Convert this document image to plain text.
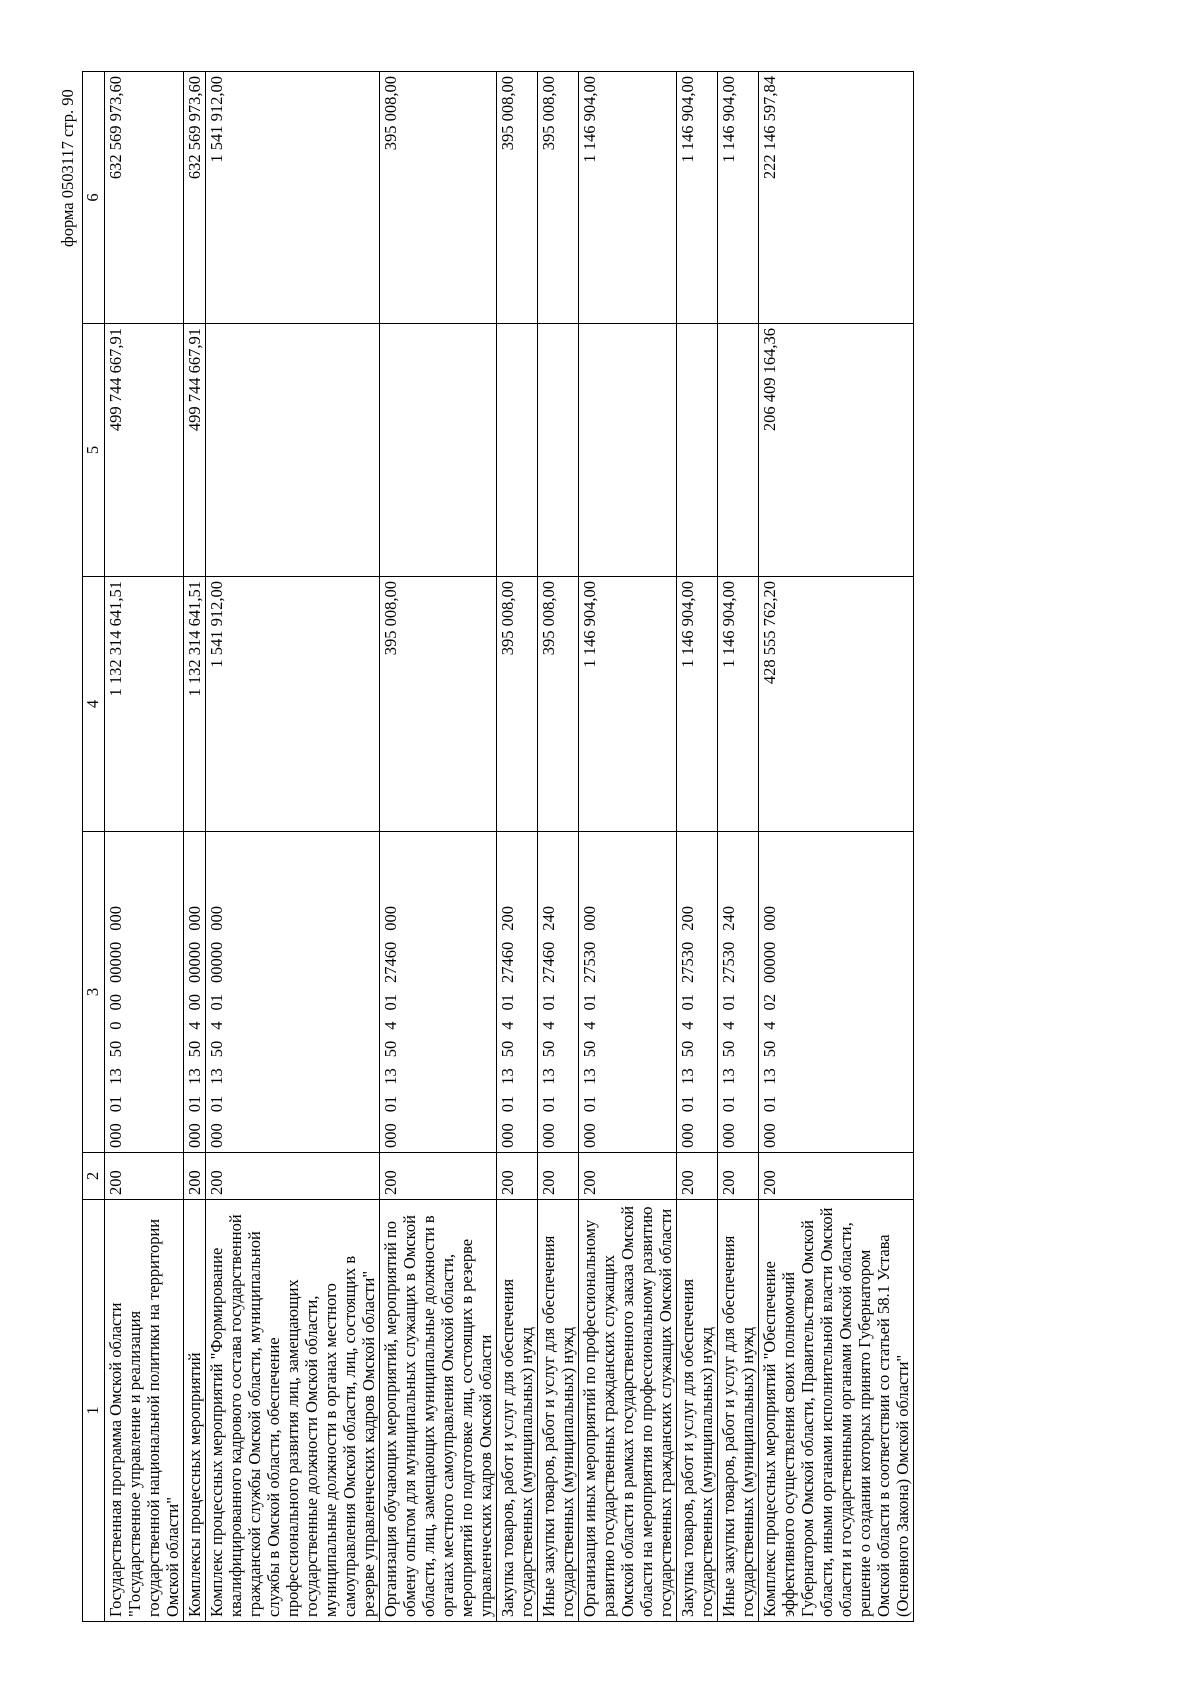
форма 0503117 стр. 90
1	2	3	4	5	6
Государственная программа Омской области "Государственное управление и реализация государственной национальной политики на территории Омской области"	200	00001135000000000000	1 132 314 641,51	499 744 667,91	632 569 973,60
Комплексы процессных мероприятий	200	00001135040000000000	1 132 314 641,51	499 744 667,91	632 569 973,60
Комплекс процессных мероприятий "Формирование квалифицированного кадрового состава государственной гражданской службы Омской области, муниципальной службы в Омской области, обеспечение профессионального развития лиц, замещающих государственные должности Омской области, муниципальные должности в органах местного самоуправления Омской области, лиц, состоящих в резерве управленческих кадров Омской области"	200	00001135040100000000	1 541 912,00		1 541 912,00
Организация обучающих мероприятий, мероприятий по обмену опытом для муниципальных служащих в Омской области, лиц, замещающих муниципальные должности в органах местного самоуправления Омской области, мероприятий по подготовке лиц, состоящих в резерве управленческих кадров Омской области	200	00001135040127460000	395 008,00		395 008,00
Закупка товаров, работ и услуг для обеспечения государственных (муниципальных) нужд	200	00001135040127460200	395 008,00		395 008,00
Иные закупки товаров, работ и услуг для обеспечения государственных (муниципальных) нужд	200	00001135040127460240	395 008,00		395 008,00
Организация иных мероприятий по профессиональному развитию государственных гражданских служащих Омской области в рамках государственного заказа Омской области на мероприятия по профессиональному развитию государственных гражданских служащих Омской области	200	00001135040127530000	1 146 904,00		1 146 904,00
Закупка товаров, работ и услуг для обеспечения государственных (муниципальных) нужд	200	00001135040127530200	1 146 904,00		1 146 904,00
Иные закупки товаров, работ и услуг для обеспечения государственных (муниципальных) нужд	200	00001135040127530240	1 146 904,00		1 146 904,00
Комплекс процессных мероприятий "Обеспечение эффективного осуществления своих полномочий Губернатором Омской области, Правительством Омской области, иными органами исполнительной власти Омской области и государственными органами Омской области, решение о создании которых принято Губернатором Омской области в соответствии со статьей 58.1 Устава (Основного Закона) Омской области"	200	00001135040200000000	428 555 762,20	206 409 164,36	222 146 597,84
